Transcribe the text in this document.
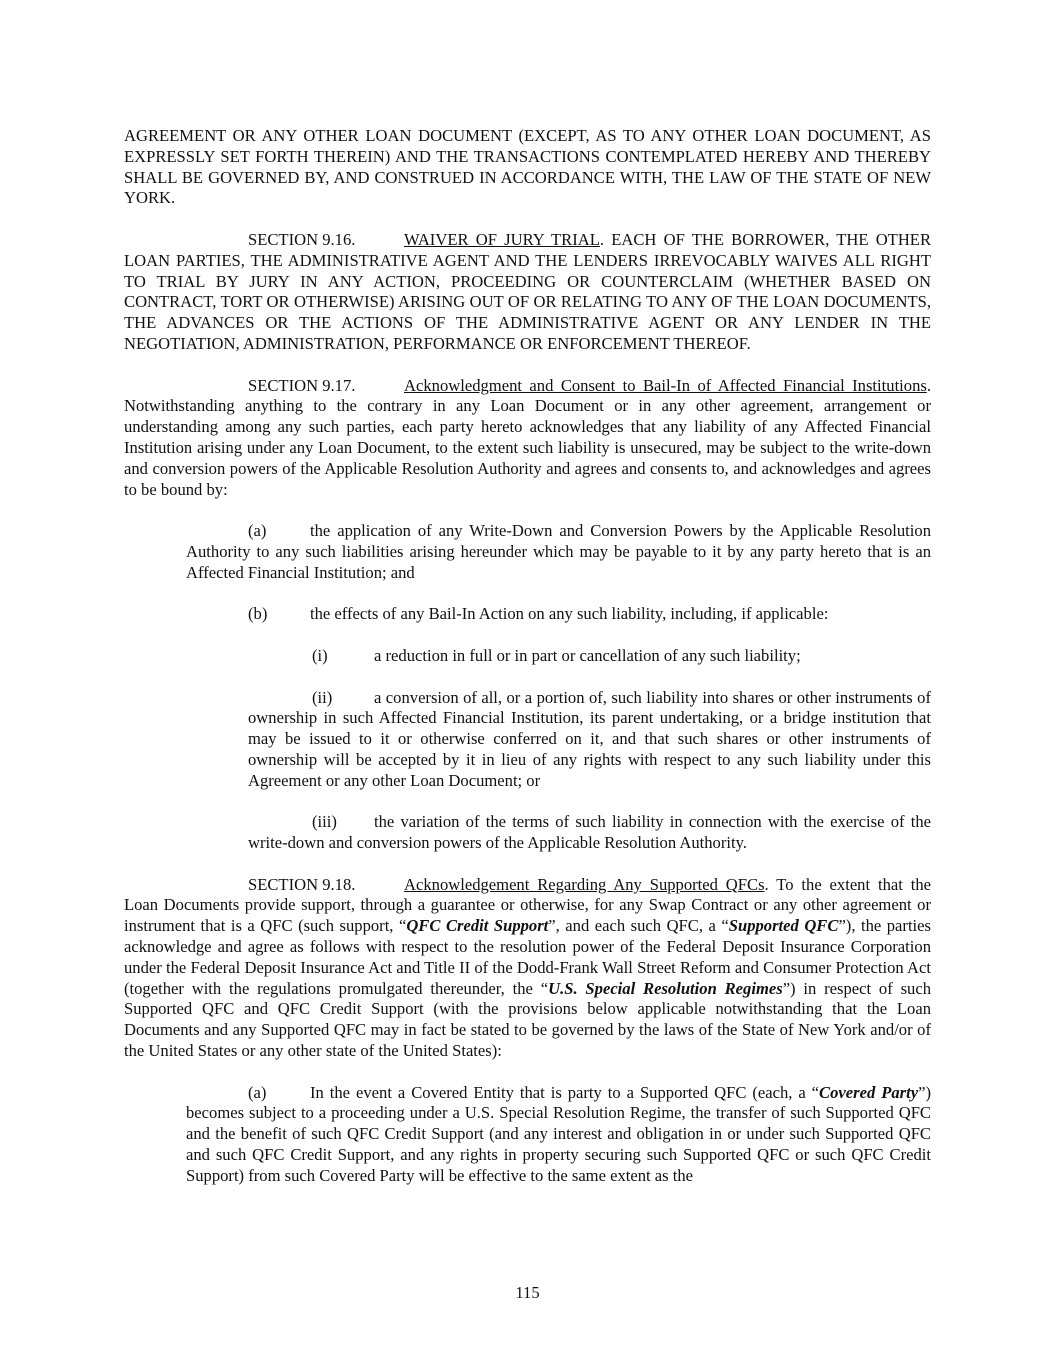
AGREEMENT OR ANY OTHER LOAN DOCUMENT (EXCEPT, AS TO ANY OTHER LOAN DOCUMENT, AS EXPRESSLY SET FORTH THEREIN) AND THE TRANSACTIONS CONTEMPLATED HEREBY AND THEREBY SHALL BE GOVERNED BY, AND CONSTRUED IN ACCORDANCE WITH, THE LAW OF THE STATE OF NEW YORK.

SECTION 9.16.	WAIVER OF JURY TRIAL. EACH OF THE BORROWER, THE OTHER LOAN PARTIES, THE ADMINISTRATIVE AGENT AND THE LENDERS IRREVOCABLY WAIVES ALL RIGHT TO TRIAL BY JURY IN ANY ACTION, PROCEEDING OR COUNTERCLAIM (WHETHER BASED ON CONTRACT, TORT OR OTHERWISE) ARISING OUT OF OR RELATING TO ANY OF THE LOAN DOCUMENTS, THE ADVANCES OR THE ACTIONS OF THE ADMINISTRATIVE AGENT OR ANY LENDER IN THE NEGOTIATION, ADMINISTRATION, PERFORMANCE OR ENFORCEMENT THEREOF.

SECTION 9.17.	Acknowledgment and Consent to Bail-In of Affected Financial Institutions. Notwithstanding anything to the contrary in any Loan Document or in any other agreement, arrangement or understanding among any such parties, each party hereto acknowledges that any liability of any Affected Financial Institution arising under any Loan Document, to the extent such liability is unsecured, may be subject to the write-down and conversion powers of the Applicable Resolution Authority and agrees and consents to, and acknowledges and agrees to be bound by:

(a)	the application of any Write-Down and Conversion Powers by the Applicable Resolution Authority to any such liabilities arising hereunder which may be payable to it by any party hereto that is an Affected Financial Institution; and

(b)	the effects of any Bail-In Action on any such liability, including, if applicable:

(i)	a reduction in full or in part or cancellation of any such liability;

(ii)	a conversion of all, or a portion of, such liability into shares or other instruments of ownership in such Affected Financial Institution, its parent undertaking, or a bridge institution that may be issued to it or otherwise conferred on it, and that such shares or other instruments of ownership will be accepted by it in lieu of any rights with respect to any such liability under this Agreement or any other Loan Document; or

(iii) the variation of the terms of such liability in connection with the exercise of the write-down and conversion powers of the Applicable Resolution Authority.

SECTION 9.18.	Acknowledgement Regarding Any Supported QFCs. To the extent that the Loan Documents provide support, through a guarantee or otherwise, for any Swap Contract or any other agreement or instrument that is a QFC (such support, “QFC Credit Support”, and each such QFC, a “Supported QFC”), the parties acknowledge and agree as follows with respect to the resolution power of the Federal Deposit Insurance Corporation under the Federal Deposit Insurance Act and Title II of the Dodd-Frank Wall Street Reform and Consumer Protection Act (together with the regulations promulgated thereunder, the “U.S. Special Resolution Regimes”) in respect of such Supported QFC and QFC Credit Support (with the provisions below applicable notwithstanding that the Loan Documents and any Supported QFC may in fact be stated to be governed by the laws of the State of New York and/or of the United States or any other state of the United States):

(a)	In the event a Covered Entity that is party to a Supported QFC (each, a “Covered Party”) becomes subject to a proceeding under a U.S. Special Resolution Regime, the transfer of such Supported QFC and the benefit of such QFC Credit Support (and any interest and obligation in or under such Supported QFC and such QFC Credit Support, and any rights in property securing such Supported QFC or such QFC Credit Support) from such Covered Party will be effective to the same extent as the

115
